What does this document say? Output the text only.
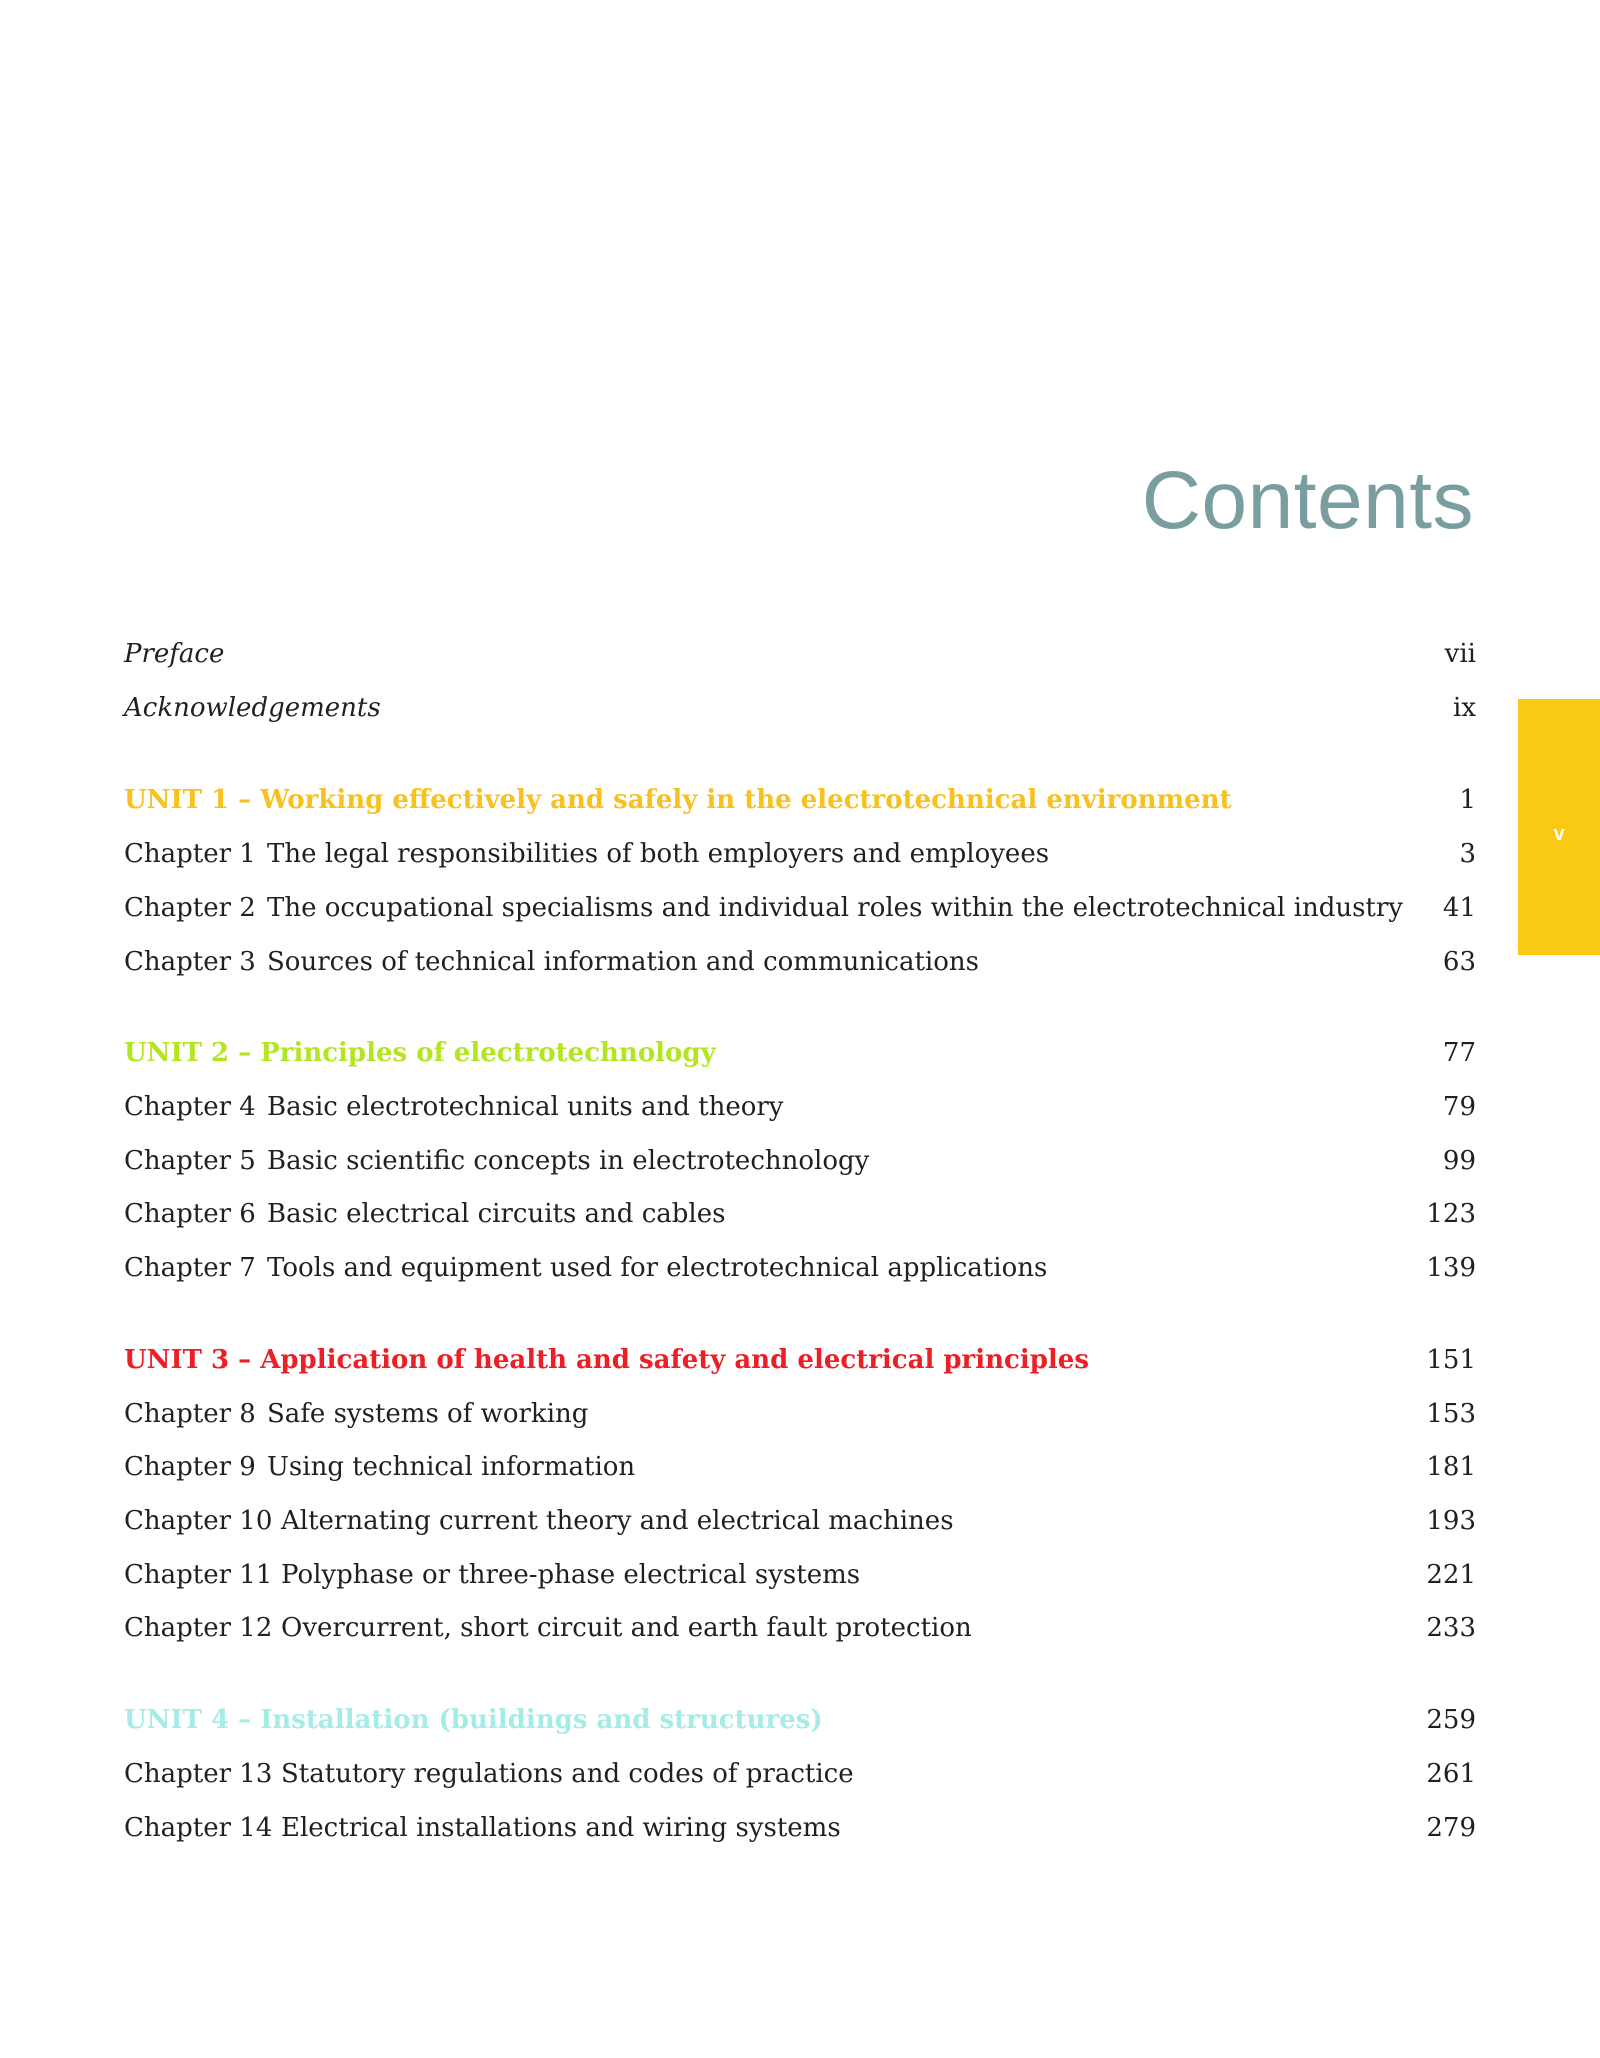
Contents
v
Preface	vii
Acknowledgements	ix
UNIT 1 – Working effectively and safely in the electrotechnical environment	1
Chapter 1 The legal responsibilities of both employers and employees	3
Chapter 2 The occupational specialisms and individual roles within the electrotechnical industry 41
Chapter 3 Sources of technical information and communications	63
UNIT 2 – Principles of electrotechnology	77
Chapter 4 Basic electrotechnical units and theory	79
Chapter 5 Basic scientific concepts in electrotechnology	99
Chapter 6 Basic electrical circuits and cables	123
Chapter 7 Tools and equipment used for electrotechnical applications	139
UNIT 3 – Application of health and safety and electrical principles	151
Chapter 8 Safe systems of working	153
Chapter 9 Using technical information	181
Chapter 10 Alternating current theory and electrical machines	193
Chapter 11 Polyphase or three-phase electrical systems	221
Chapter 12 Overcurrent, short circuit and earth fault protection	233
UNIT 4 – Installation (buildings and structures)	259
Chapter 13 Statutory regulations and codes of practice	261
Chapter 14 Electrical installations and wiring systems	279
